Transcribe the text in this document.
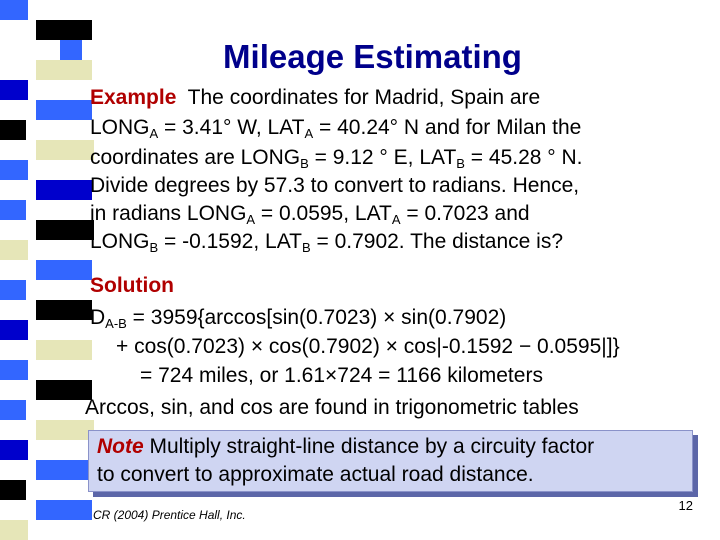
Mileage Estimating
Example  The coordinates for Madrid, Spain are
$LONG_A = 3.41^\circ$ W, $LAT_A = 40.24^\circ$ N and for Milan the
coordinates are $LONG_B = 9.12$ ° E, $LAT_B = 45.28$ ° N.
Divide degrees by 57.3 to convert to radians. Hence,
in radians $LONG_A = 0.0595$, $LAT_A = 0.7023$ and
$LONG_B = -0.1592$, $LAT_B = 0.7902$. The distance is?
Solution
$D_{A-B} = 3959\{\arccos[\sin(0.7023) \times \sin(0.7902)$
+ cos(0.7023) × cos(0.7902) × cos|-0.1592 − 0.0595|]}
= 724 miles, or 1.61×724 = 1166 kilometers
Arccos, sin, and cos are found in trigonometric tables
Note Multiply straight-line distance by a circuity factor
to convert to approximate actual road distance.
CR (2004) Prentice Hall, Inc.
12
